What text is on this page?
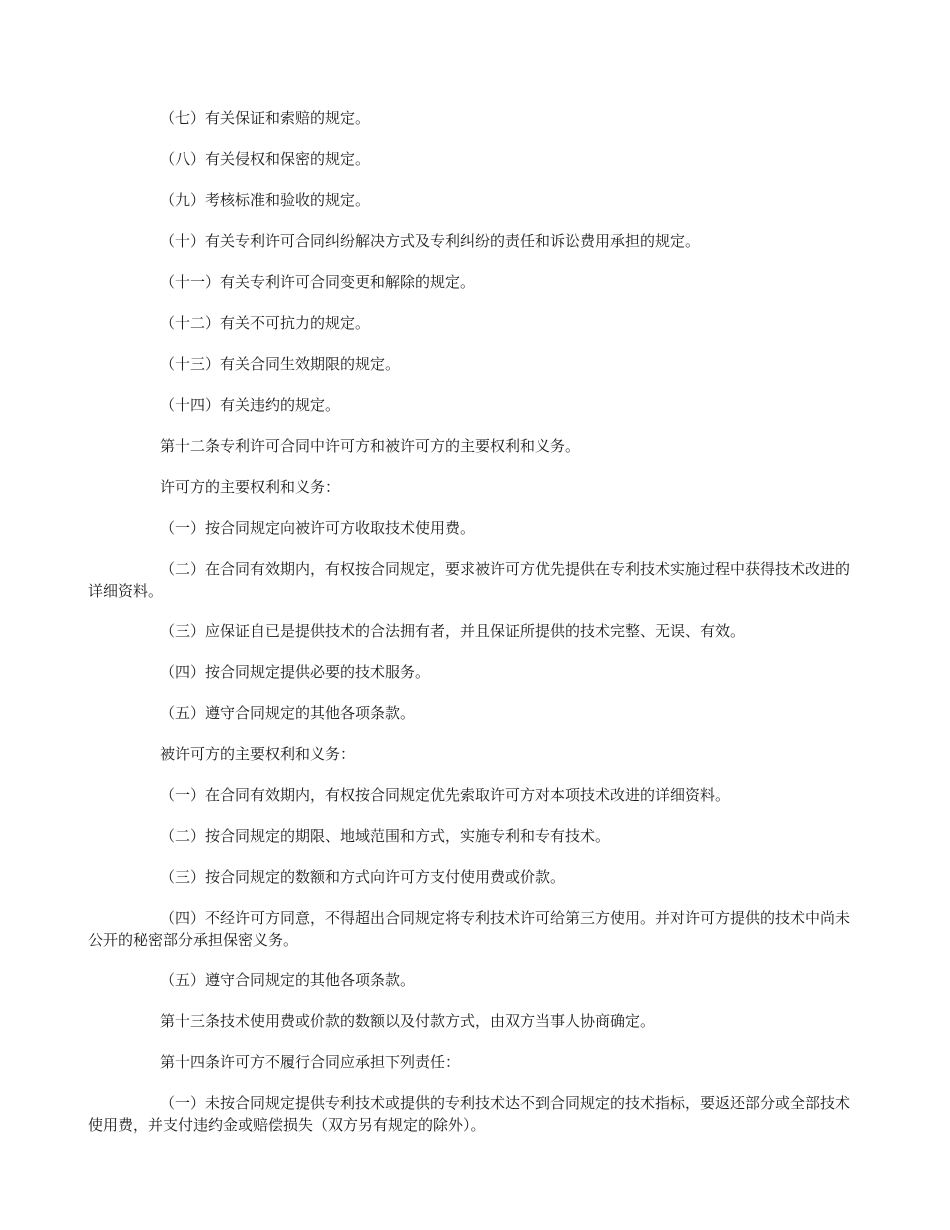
（七）有关保证和索赔的规定。

（八）有关侵权和保密的规定。

（九）考核标准和验收的规定。

（十）有关专利许可合同纠纷解决方式及专利纠纷的责任和诉讼费用承担的规定。

（十一）有关专利许可合同变更和解除的规定。

（十二）有关不可抗力的规定。

（十三）有关合同生效期限的规定。

（十四）有关违约的规定。

第十二条专利许可合同中许可方和被许可方的主要权利和义务。

许可方的主要权利和义务：

（一）按合同规定向被许可方收取技术使用费。

（二）在合同有效期内，有权按合同规定，要求被许可方优先提供在专利技术实施过程中获得技术改进的详细资料。

（三）应保证自已是提供技术的合法拥有者，并且保证所提供的技术完整、无误、有效。

（四）按合同规定提供必要的技术服务。

（五）遵守合同规定的其他各项条款。

被许可方的主要权利和义务：

（一）在合同有效期内，有权按合同规定优先索取许可方对本项技术改进的详细资料。

（二）按合同规定的期限、地域范围和方式，实施专利和专有技术。

（三）按合同规定的数额和方式向许可方支付使用费或价款。

（四）不经许可方同意，不得超出合同规定将专利技术许可给第三方使用。并对许可方提供的技术中尚未公开的秘密部分承担保密义务。

（五）遵守合同规定的其他各项条款。

第十三条技术使用费或价款的数额以及付款方式，由双方当事人协商确定。

第十四条许可方不履行合同应承担下列责任：

（一）未按合同规定提供专利技术或提供的专利技术达不到合同规定的技术指标，要返还部分或全部技术使用费，并支付违约金或赔偿损失（双方另有规定的除外）。
